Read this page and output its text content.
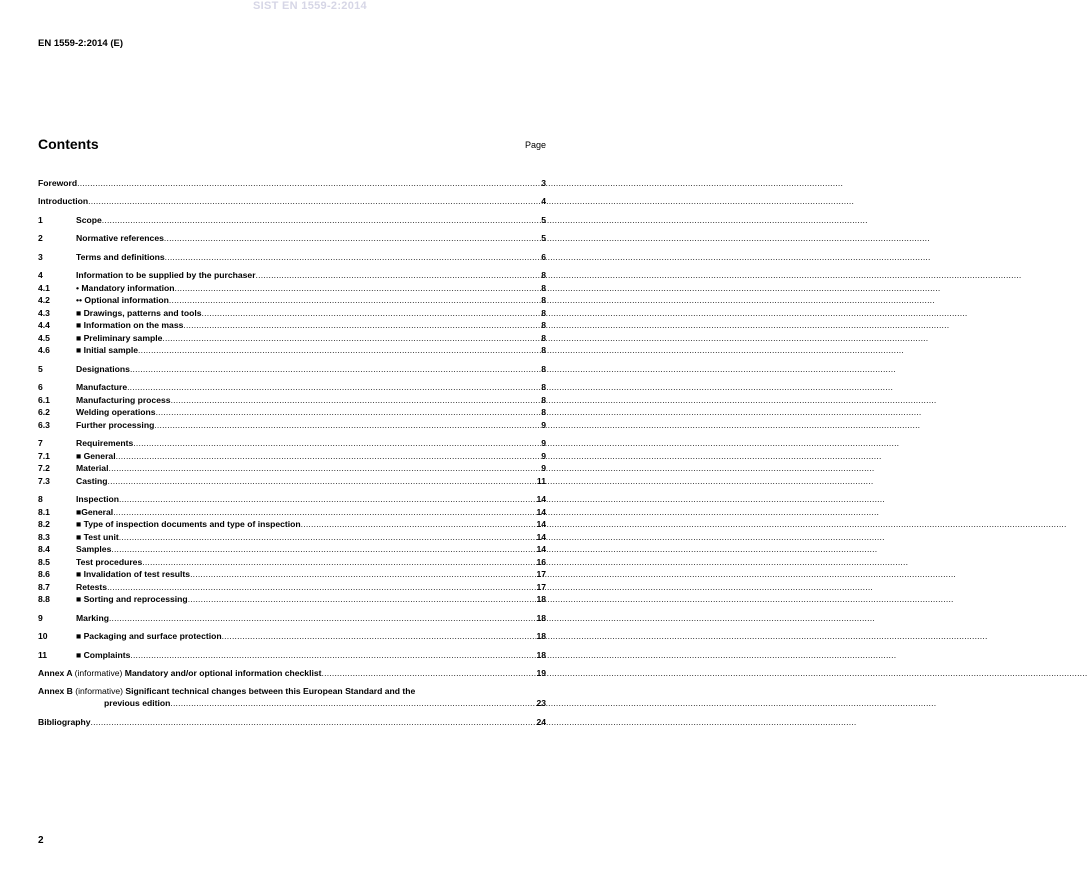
SIST EN 1559-2:2014
EN 1559-2:2014 (E)
Contents	Page
Foreword .....	3
Introduction .....	4
1	Scope .....	5
2	Normative references .....	5
3	Terms and definitions .....	6
4	Information to be supplied by the purchaser .....	8
4.1	• Mandatory information .....	8
4.2	•• Optional information .....	8
4.3	■ Drawings, patterns and tools .....	8
4.4	■ Information on the mass .....	8
4.5	■ Preliminary sample .....	8
4.6	■ Initial sample .....	8
5	Designations .....	8
6	Manufacture .....	8
6.1	Manufacturing process .....	8
6.2	Welding operations .....	8
6.3	Further processing .....	9
7	Requirements .....	9
7.1	■ General .....	9
7.2	Material .....	9
7.3	Casting .....	11
8	Inspection .....	14
8.1	■General .....	14
8.2	■ Type of inspection documents and type of inspection .....	14
8.3	■ Test unit .....	14
8.4	Samples .....	14
8.5	Test procedures .....	16
8.6	■ Invalidation of test results .....	17
8.7	Retests .....	17
8.8	■ Sorting and reprocessing .....	18
9	Marking .....	18
10	■ Packaging and surface protection .....	18
11	■ Complaints .....	18
Annex A (informative) Mandatory and/or optional information checklist .....	19
Annex B (informative) Significant technical changes between this European Standard and the
previous edition .....	23
Bibliography .....	24
2
